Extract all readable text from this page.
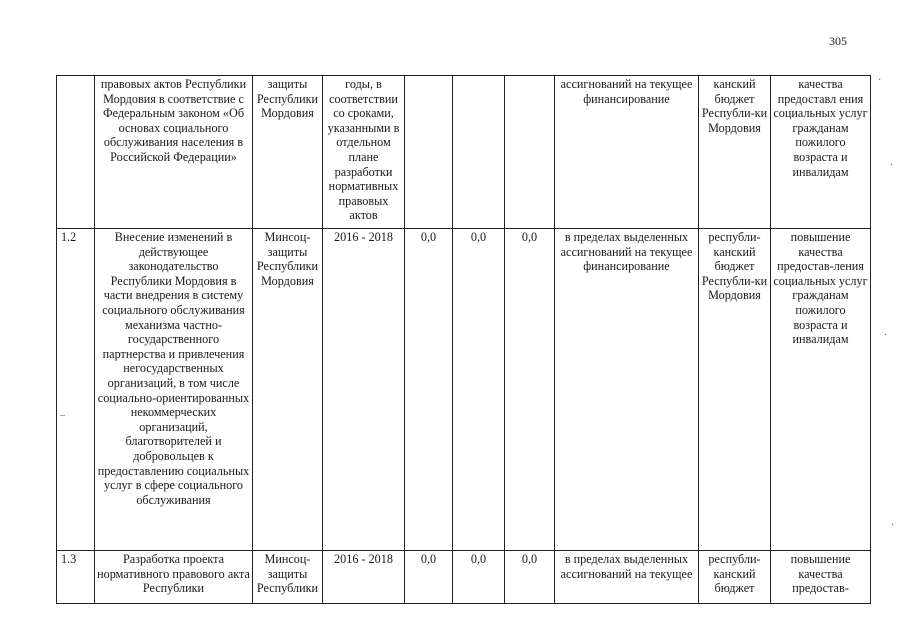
305
	правовых актов Республики Мордовия в соответствие с Федеральным законом «Об основах социального обслуживания населения в Российской Федерации»	защиты Республики Мордовия	годы, в соответствии со сроками, указанными в отдельном плане разработки нормативных правовых актов				ассигнований на текущее финансирование	канский бюджет Республи-ки Мордовия	качества предоставл ения социальных услуг гражданам пожилого возраста и инвалидам
1.2	Внесение изменений в действующее законодательство Республики Мордовия в части внедрения в систему социального обслуживания механизма частно-государственного партнерства и привлечения негосударственных организаций, в том числе социально-ориентированных некоммерческих организаций, благотворителей и добровольцев к предоставлению социальных услуг в сфере социального обслуживания	Минсоц-защиты Республики Мордовия	2016 - 2018	0,0	0,0	0,0	в пределах выделенных ассигнований на текущее финансирование	республи-канский бюджет Республи-ки Мордовия	повышение качества предостав-ления социальных услуг гражданам пожилого возраста и инвалидам
1.3	Разработка проекта нормативного правового акта Республики	Минсоц-защиты Республики	2016 - 2018	0,0	0,0	0,0	в пределах выделенных ассигнований на текущее	республи-канский бюджет	повышение качества предостав-
·
·
·
·
–
